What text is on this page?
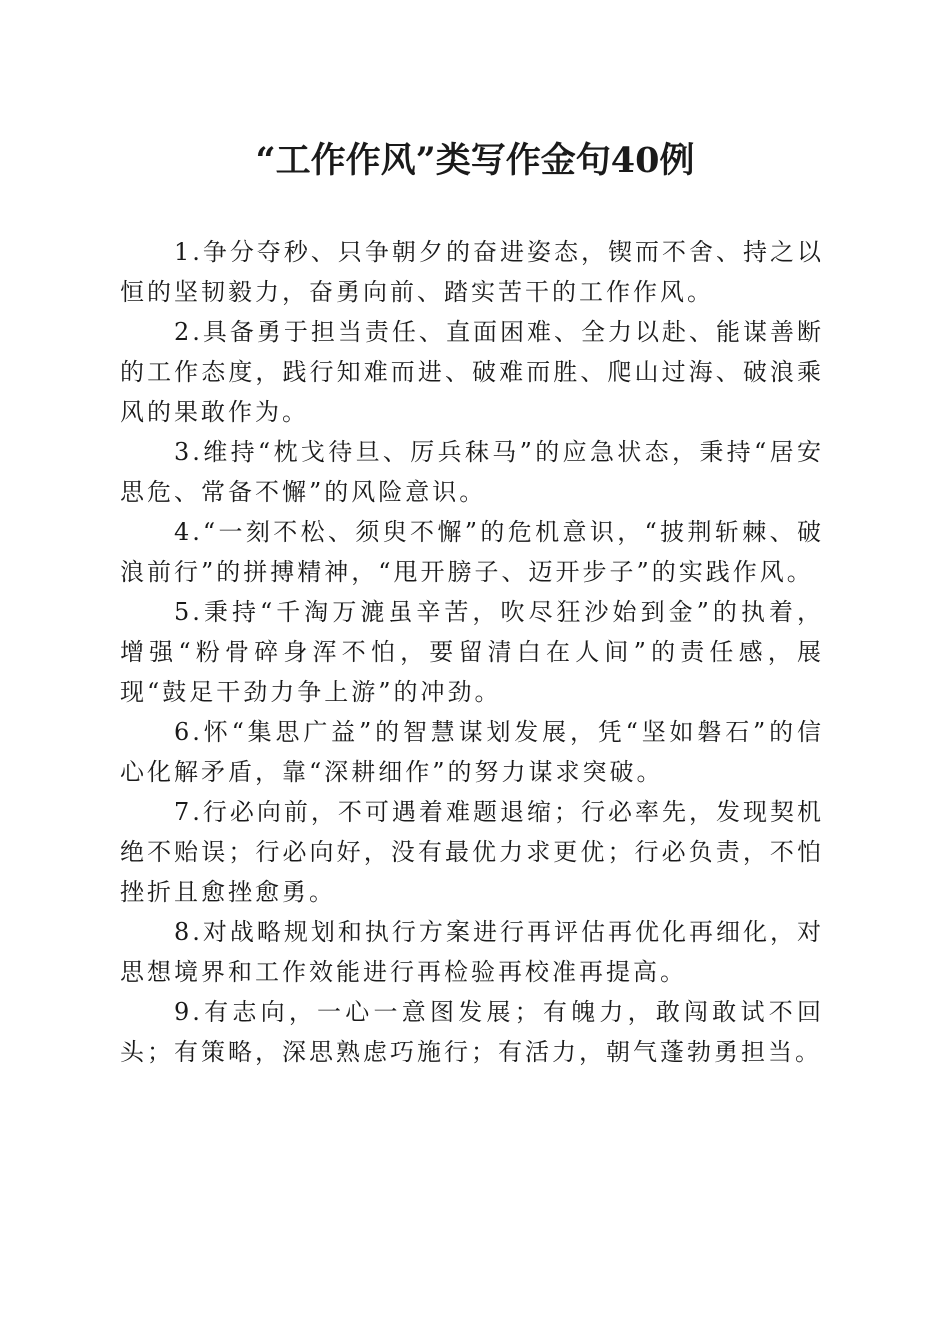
“工作作风”类写作金句40例

1.争分夺秒、只争朝夕的奋进姿态，锲而不舍、持之以恒的坚韧毅力，奋勇向前、踏实苦干的工作作风。

2.具备勇于担当责任、直面困难、全力以赴、能谋善断的工作态度，践行知难而进、破难而胜、爬山过海、破浪乘风的果敢作为。

3.维持“枕戈待旦、厉兵秣马”的应急状态，秉持“居安思危、常备不懈”的风险意识。

4.“一刻不松、须臾不懈”的危机意识，“披荆斩棘、破浪前行”的拼搏精神，“甩开膀子、迈开步子”的实践作风。

5.秉持“千淘万漉虽辛苦，吹尽狂沙始到金”的执着，增强“粉骨碎身浑不怕，要留清白在人间”的责任感，展现“鼓足干劲力争上游”的冲劲。

6.怀“集思广益”的智慧谋划发展，凭“坚如磐石”的信心化解矛盾，靠“深耕细作”的努力谋求突破。

7.行必向前，不可遇着难题退缩；行必率先，发现契机绝不贻误；行必向好，没有最优力求更优；行必负责，不怕挫折且愈挫愈勇。

8.对战略规划和执行方案进行再评估再优化再细化，对思想境界和工作效能进行再检验再校准再提高。

9.有志向，一心一意图发展；有魄力，敢闯敢试不回头；有策略，深思熟虑巧施行；有活力，朝气蓬勃勇担当。
